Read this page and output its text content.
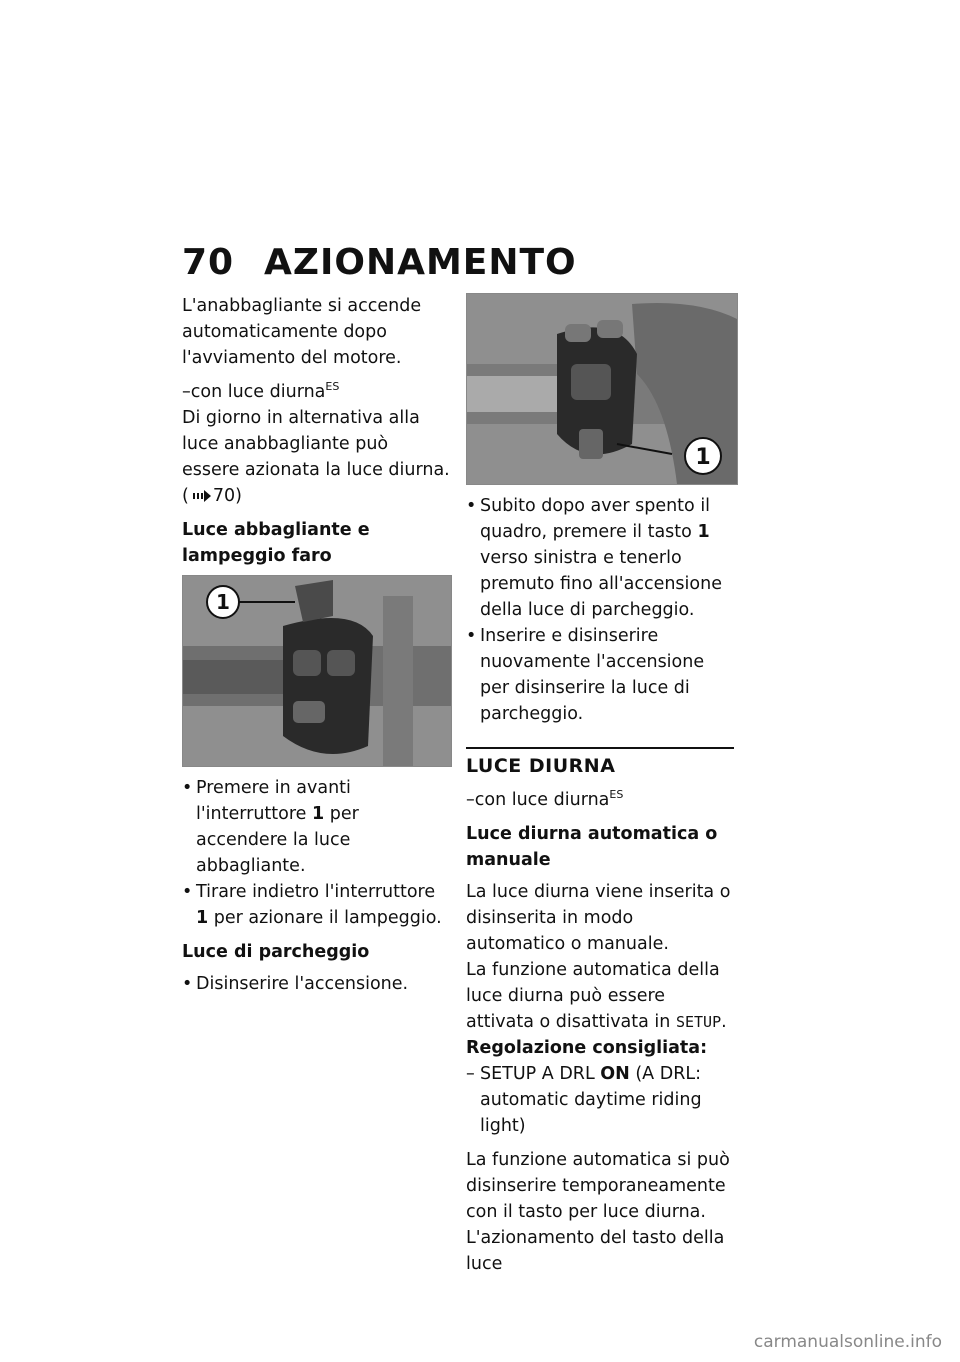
70 AZIONAMENTO

L'anabbagliante si accende automaticamente dopo l'avviamento del motore.

–con luce diurna$^{ES}$

Di giorno in alternativa alla luce anabbagliante può essere azionata la luce diurna. ( 70)

Luce abbagliante e lampeggio faro

1
• Premere in avanti l'interruttore 1 per accendere la luce abbagliante.
• Tirare indietro l'interruttore 1 per azionare il lampeggio.

Luce di parcheggio

• Disinserire l'accensione.
1
• Subito dopo aver spento il quadro, premere il tasto 1 verso sinistra e tenerlo premuto fino all'accensione della luce di parcheggio.
• Inserire e disinserire nuovamente l'accensione per disinserire la luce di parcheggio.
LUCE DIURNA

–con luce diurna$^{ES}$

Luce diurna automatica o manuale

La luce diurna viene inserita o disinserita in modo automatico o manuale.

La funzione automatica della luce diurna può essere attivata o disattivata in SETUP.

Regolazione consigliata:

– SETUP A DRL ON (A DRL: automatic daytime riding light)

La funzione automatica si può disinserire temporaneamente con il tasto per luce diurna. L'azionamento del tasto della luce

carmanualsonline.info
